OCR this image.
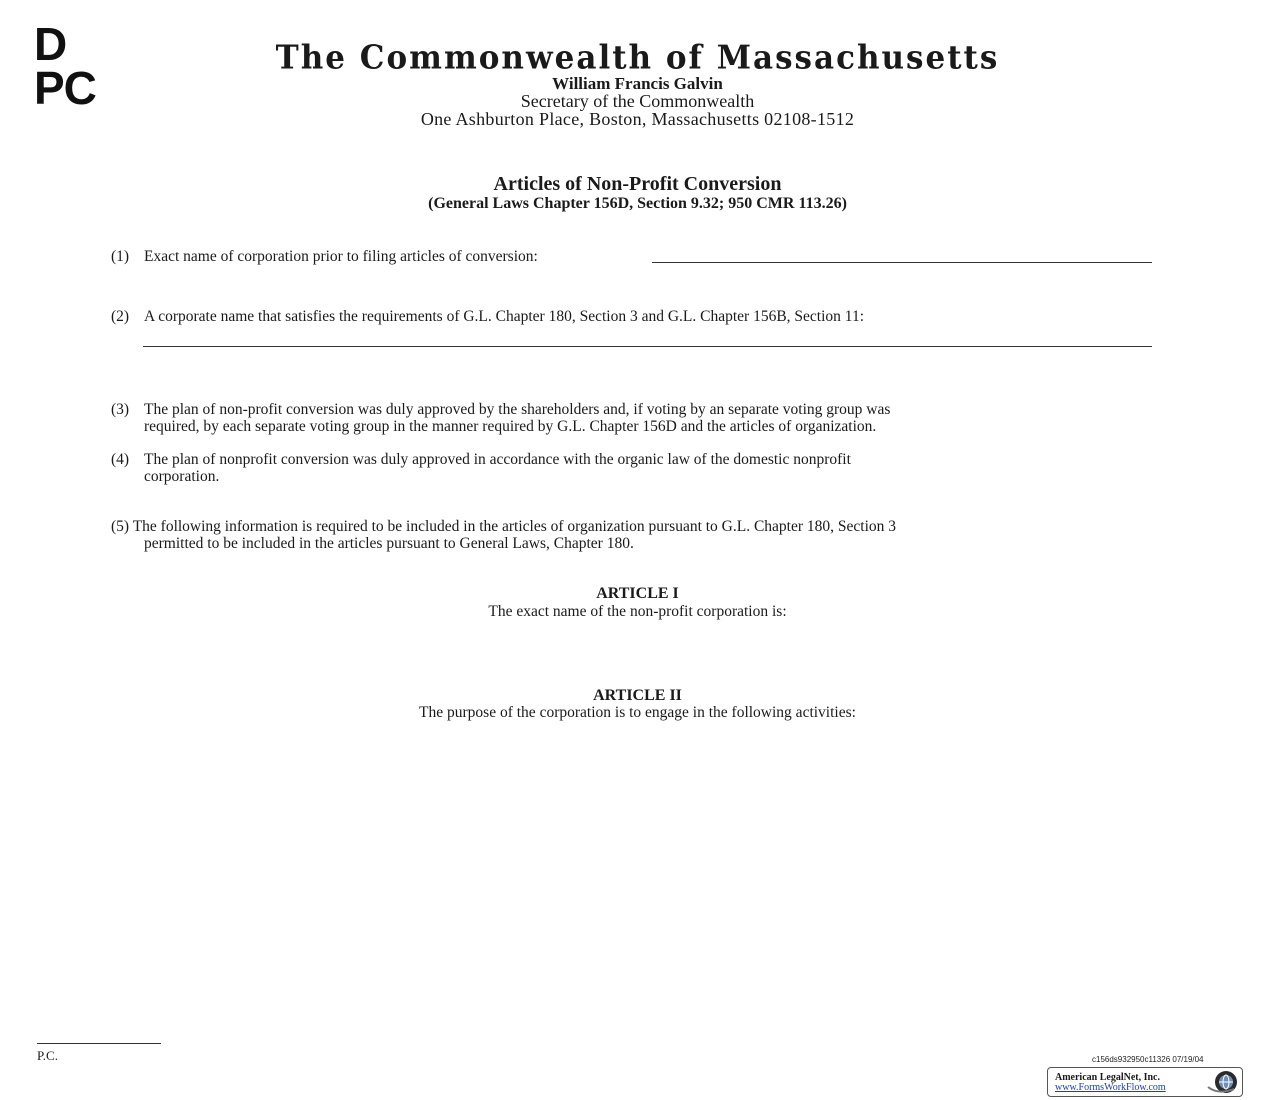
D
PC
The Commonwealth of Massachusetts
William Francis Galvin
Secretary of the Commonwealth
One Ashburton Place, Boston, Massachusetts 02108-1512
Articles of Non-Profit Conversion
(General Laws Chapter 156D, Section 9.32; 950 CMR 113.26)
(1) Exact name of corporation prior to filing articles of conversion:
(2) A corporate name that satisfies the requirements of G.L. Chapter 180, Section 3 and G.L. Chapter 156B, Section 11:
(3) The plan of non-profit conversion was duly approved by the shareholders and, if voting by an separate voting group was
required, by each separate voting group in the manner required by G.L. Chapter 156D and the articles of organization.
(4) The plan of nonprofit conversion was duly approved in accordance with the organic law of the domestic nonprofit
corporation.
(5) The following information is required to be included in the articles of organization pursuant to G.L. Chapter 180, Section 3
permitted to be included in the articles pursuant to General Laws, Chapter 180.
ARTICLE I
The exact name of the non-profit corporation is:
ARTICLE II
The purpose of the corporation is to engage in the following activities:
P.C.	c156ds932950c11326 07/19/04
American LegalNet, Inc.
www.FormsWorkFlow.com
